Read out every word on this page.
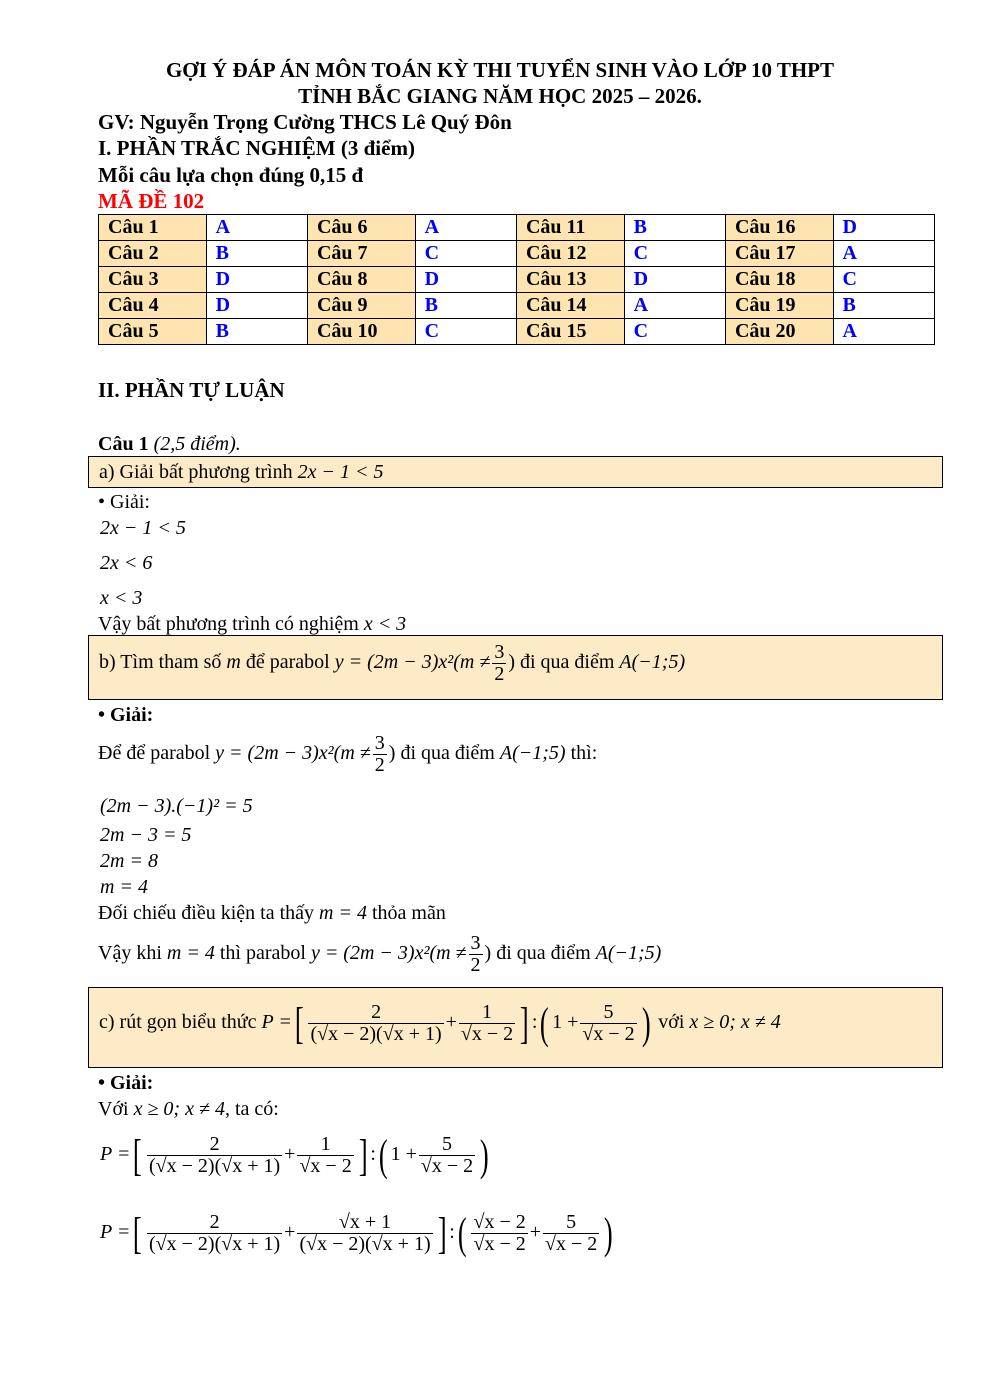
GỢI Ý ĐÁP ÁN MÔN TOÁN KỲ THI TUYỂN SINH VÀO LỚP 10 THPT
TỈNH BẮC GIANG NĂM HỌC 2025 – 2026.
GV: Nguyễn Trọng Cường THCS Lê Quý Đôn
I. PHẦN TRẮC NGHIỆM (3 điểm)
Mỗi câu lựa chọn đúng 0,15 đ
MÃ ĐỀ 102
Câu 1	A	Câu 6	A	Câu 11	B	Câu 16	D
Câu 2	B	Câu 7	C	Câu 12	C	Câu 17	A
Câu 3	D	Câu 8	D	Câu 13	D	Câu 18	C
Câu 4	D	Câu 9	B	Câu 14	A	Câu 19	B
Câu 5	B	Câu 10	C	Câu 15	C	Câu 20	A
II. PHẦN TỰ LUẬN
Câu 1 (2,5 điểm).
a) Giải bất phương trình 2x − 1 < 5
• Giải:
2x − 1 < 5
2x < 6
x < 3
Vậy bất phương trình có nghiệm x < 3
b) Tìm tham số m để parabol $y = (2m - 3)x^2(m \ne \frac{3}{2}$ ) đi qua điểm A(−1;5)
• Giải:
Để để parabol $y = (2m - 3)x^2(m \ne \frac{3}{2}$ ) đi qua điểm A(−1;5) thì:
(2m − 3).(−1)² = 5
2m − 3 = 5
2m = 8
m = 4
Đối chiếu điều kiện ta thấy m = 4 thỏa mãn
Vậy khi m = 4 thì parabol $y = (2m - 3)x^2(m \ne \frac{3}{2}$ ) đi qua điểm A(−1;5)
c) rút gọn biểu thức P =[ $\frac{2}{(√x - 2)(√x + 1)} + \frac{1}{√x - 2}$ ] :( $1 + \frac{5}{√x - 2}$ ) với x ≥ 0; x ≠ 4
• Giải:
Với x ≥ 0; x ≠ 4, ta có:
P =[ $\frac{2}{(√x - 2)(√x + 1)} + \frac{1}{√x - 2}$ ] :( $1 + \frac{5}{√x - 2}$ )
P =[ $\frac{2}{(√x - 2)(√x + 1)} + \frac{√x + 1}{(√x - 2)(√x + 1)}$ ] :( $\frac{√x - 2}{√x - 2} + \frac{5}{√x - 2}$ )
